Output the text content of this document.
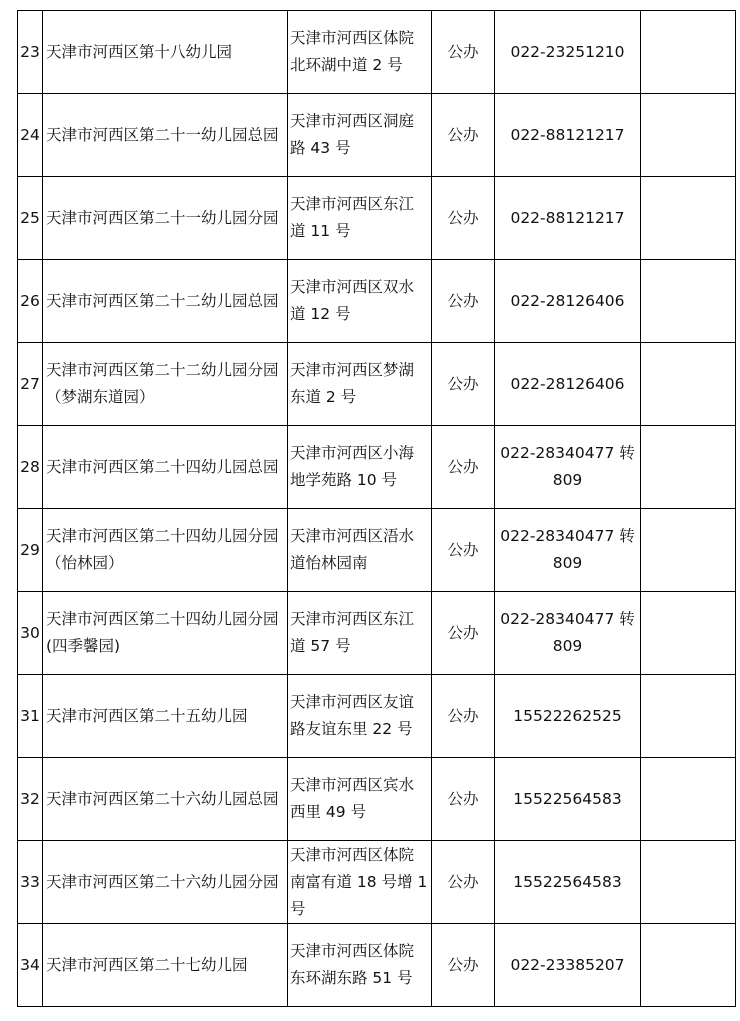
23	天津市河西区第十八幼儿园	天津市河西区体院北环湖中道 2 号	公办	022-23251210	
24	天津市河西区第二十一幼儿园总园	天津市河西区洞庭路 43 号	公办	022-88121217	
25	天津市河西区第二十一幼儿园分园	天津市河西区东江道 11 号	公办	022-88121217	
26	天津市河西区第二十二幼儿园总园	天津市河西区双水道 12 号	公办	022-28126406	
27	天津市河西区第二十二幼儿园分园（梦湖东道园）	天津市河西区梦湖东道 2 号	公办	022-28126406	
28	天津市河西区第二十四幼儿园总园	天津市河西区小海地学苑路 10 号	公办	022-28340477 转 809	
29	天津市河西区第二十四幼儿园分园（怡林园）	天津市河西区浯水道怡林园南	公办	022-28340477 转 809	
30	天津市河西区第二十四幼儿园分园(四季馨园)	天津市河西区东江道 57 号	公办	022-28340477 转 809	
31	天津市河西区第二十五幼儿园	天津市河西区友谊路友谊东里 22 号	公办	15522262525	
32	天津市河西区第二十六幼儿园总园	天津市河西区宾水西里 49 号	公办	15522564583	
33	天津市河西区第二十六幼儿园分园	天津市河西区体院南富有道 18 号增 1 号	公办	15522564583	
34	天津市河西区第二十七幼儿园	天津市河西区体院东环湖东路 51 号	公办	022-23385207	
